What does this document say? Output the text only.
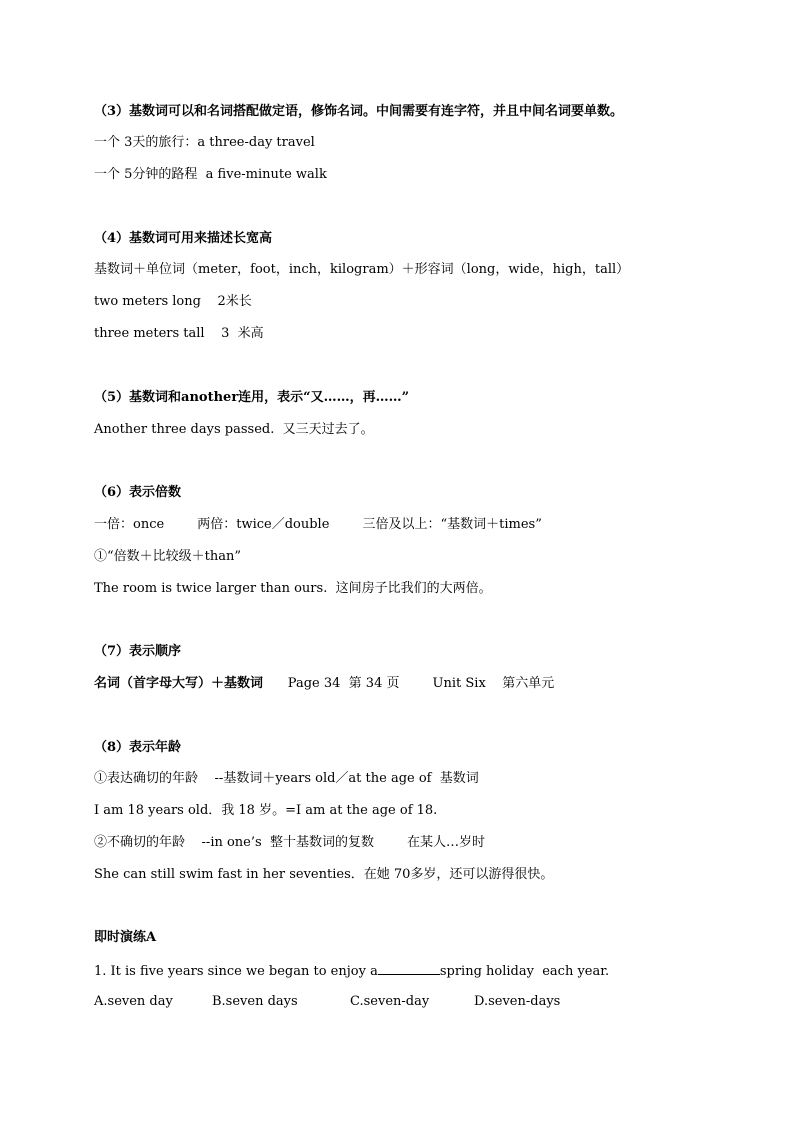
（3）基数词可以和名词搭配做定语，修饰名词。中间需要有连字符，并且中间名词要单数。
一个 3天的旅行：a three-day travel
一个 5分钟的路程  a five-minute walk
（4）基数词可用来描述长宽高
基数词＋单位词（meter，foot，inch，kilogram）＋形容词（long，wide，high，tall）
two meters long    2米长
three meters tall    3  米高
（5）基数词和another连用，表示“又……，再……”
Another three days passed.  又三天过去了。
（6）表示倍数
一倍：once        两倍：twice／double        三倍及以上：“基数词＋times”
①“倍数＋比较级＋than”
The room is twice larger than ours.  这间房子比我们的大两倍。
（7）表示顺序
名词（首字母大写）＋基数词      Page 34  第 34 页        Unit Six    第六单元
（8）表示年龄
①表达确切的年龄    --基数词＋years old／at the age of  基数词
I am 18 years old．我 18 岁。=I am at the age of 18.
②不确切的年龄    --in one’s  整十基数词的复数        在某人…岁时
She can still swim fast in her seventies．在她 70多岁，还可以游得很快。
即时演练A
1. It is five years since we began to enjoy a	spring holiday  each year.
A.seven day	B.seven days	C.seven-day	D.seven-days
